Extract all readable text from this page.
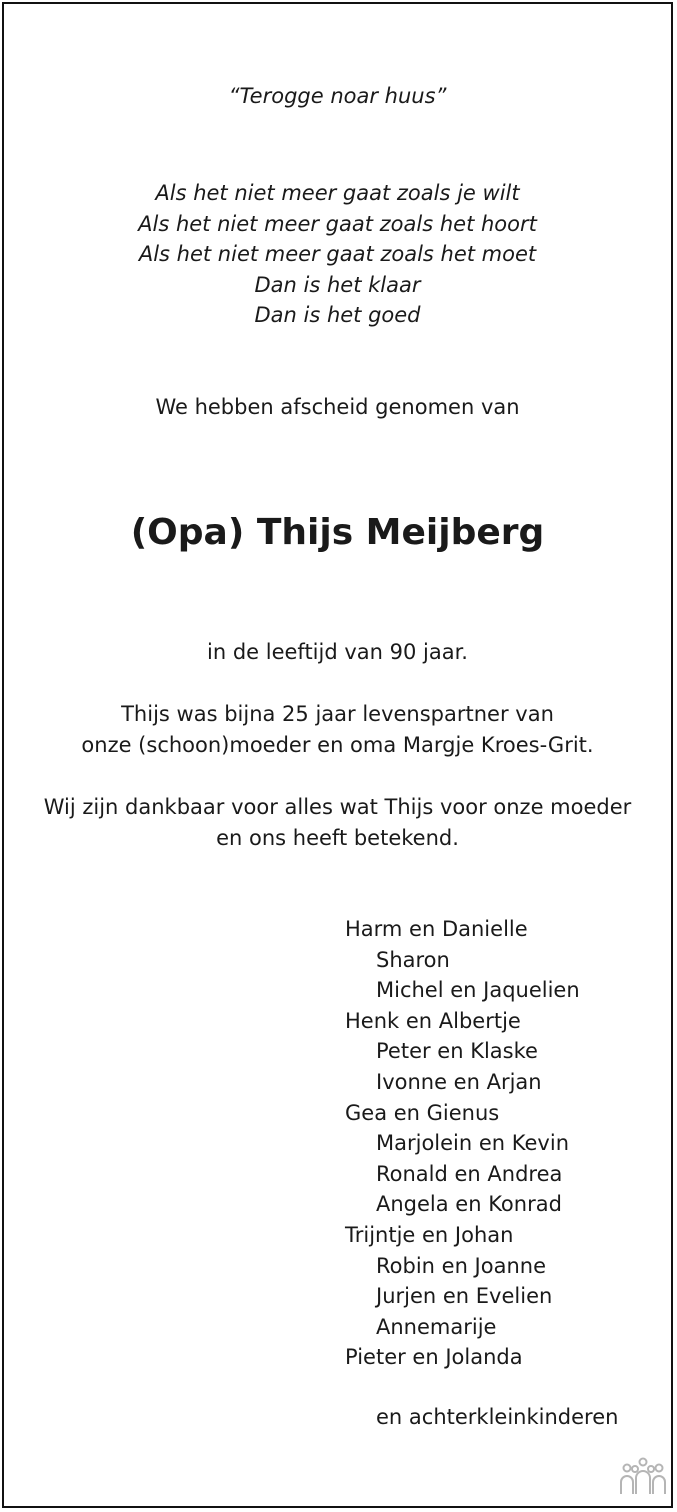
“Terogge noar huus”
Als het niet meer gaat zoals je wilt
Als het niet meer gaat zoals het hoort
Als het niet meer gaat zoals het moet
Dan is het klaar
Dan is het goed
We hebben afscheid genomen van
(Opa) Thijs Meijberg
in de leeftijd van 90 jaar.
Thijs was bijna 25 jaar levenspartner van
onze (schoon)moeder en oma Margje Kroes-Grit.
Wij zijn dankbaar voor alles wat Thijs voor onze moeder
en ons heeft betekend.
Harm en Danielle
Sharon
Michel en Jaquelien
Henk en Albertje
Peter en Klaske
Ivonne en Arjan
Gea en Gienus
Marjolein en Kevin
Ronald en Andrea
Angela en Konrad
Trijntje en Johan
Robin en Joanne
Jurjen en Evelien
Annemarije
Pieter en Jolanda
en achterkleinkinderen
